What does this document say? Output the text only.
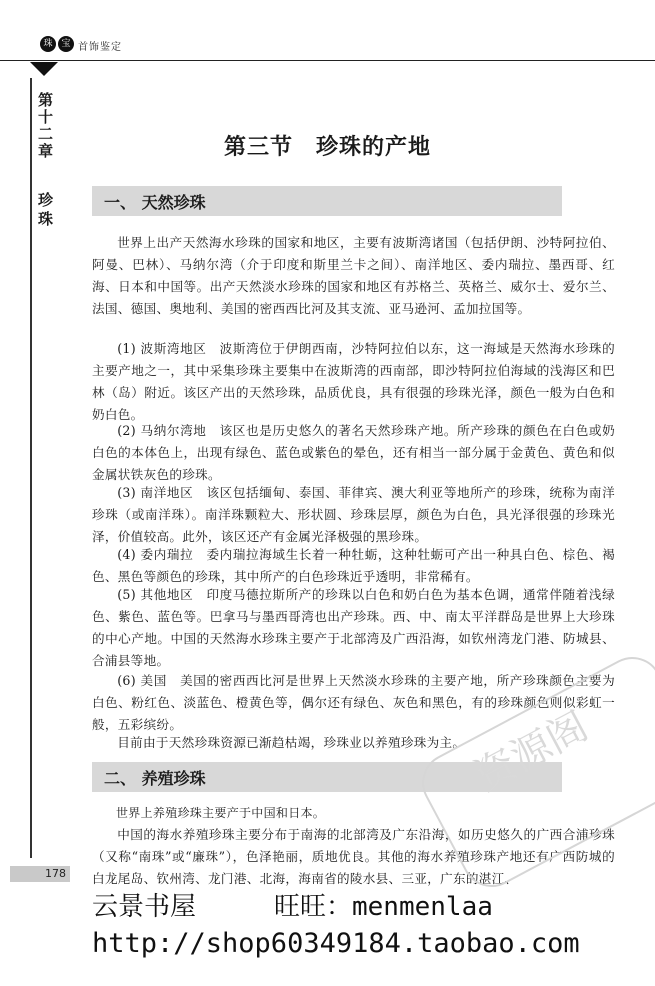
珠 宝 首饰鉴定
第十二章
珍珠
178
第三节　珍珠的产地
一、 天然珍珠

世界上出产天然海水珍珠的国家和地区，主要有波斯湾诸国（包括伊朗、沙特阿拉伯、阿曼、巴林）、马纳尔湾（介于印度和斯里兰卡之间）、南洋地区、委内瑞拉、墨西哥、红海、日本和中国等。出产天然淡水珍珠的国家和地区有苏格兰、英格兰、威尔士、爱尔兰、法国、德国、奥地利、美国的密西西比河及其支流、亚马逊河、孟加拉国等。

(1) 波斯湾地区　波斯湾位于伊朗西南，沙特阿拉伯以东，这一海域是天然海水珍珠的主要产地之一，其中采集珍珠主要集中在波斯湾的西南部，即沙特阿拉伯海域的浅海区和巴林（岛）附近。该区产出的天然珍珠，品质优良，具有很强的珍珠光泽，颜色一般为白色和奶白色。

(2) 马纳尔湾地　该区也是历史悠久的著名天然珍珠产地。所产珍珠的颜色在白色或奶白色的本体色上，出现有绿色、蓝色或紫色的晕色，还有相当一部分属于金黄色、黄色和似金属状铁灰色的珍珠。

(3) 南洋地区　该区包括缅甸、泰国、菲律宾、澳大利亚等地所产的珍珠，统称为南洋珍珠（或南洋珠）。南洋珠颗粒大、形状圆、珍珠层厚，颜色为白色，具光泽很强的珍珠光泽，价值较高。此外，该区还产有金属光泽极强的黑珍珠。

(4) 委内瑞拉　委内瑞拉海域生长着一种牡蛎，这种牡蛎可产出一种具白色、棕色、褐色、黑色等颜色的珍珠，其中所产的白色珍珠近乎透明，非常稀有。

(5) 其他地区　印度马德拉斯所产的珍珠以白色和奶白色为基本色调，通常伴随着浅绿色、紫色、蓝色等。巴拿马与墨西哥湾也出产珍珠。西、中、南太平洋群岛是世界上大珍珠的中心产地。中国的天然海水珍珠主要产于北部湾及广西沿海，如钦州湾龙门港、防城县、合浦县等地。

(6) 美国　美国的密西西比河是世界上天然淡水珍珠的主要产地，所产珍珠颜色主要为白色、粉红色、淡蓝色、橙黄色等，偶尔还有绿色、灰色和黑色，有的珍珠颜色则似彩虹一般，五彩缤纷。

目前由于天然珍珠资源已渐趋枯竭，珍珠业以养殖珍珠为主。

二、 养殖珍珠

世界上养殖珍珠主要产于中国和日本。

中国的海水养殖珍珠主要分布于南海的北部湾及广东沿海，如历史悠久的广西合浦珍珠（又称“南珠”或“廉珠”），色泽艳丽，质地优良。其他的海水养殖珍珠产地还有广西防城的白龙尾岛、钦州湾、龙门港、北海，海南省的陵水县、三亚，广东的湛江、

资源阁
云景书屋　　　旺旺：menmenlaa
http://shop60349184.taobao.com
